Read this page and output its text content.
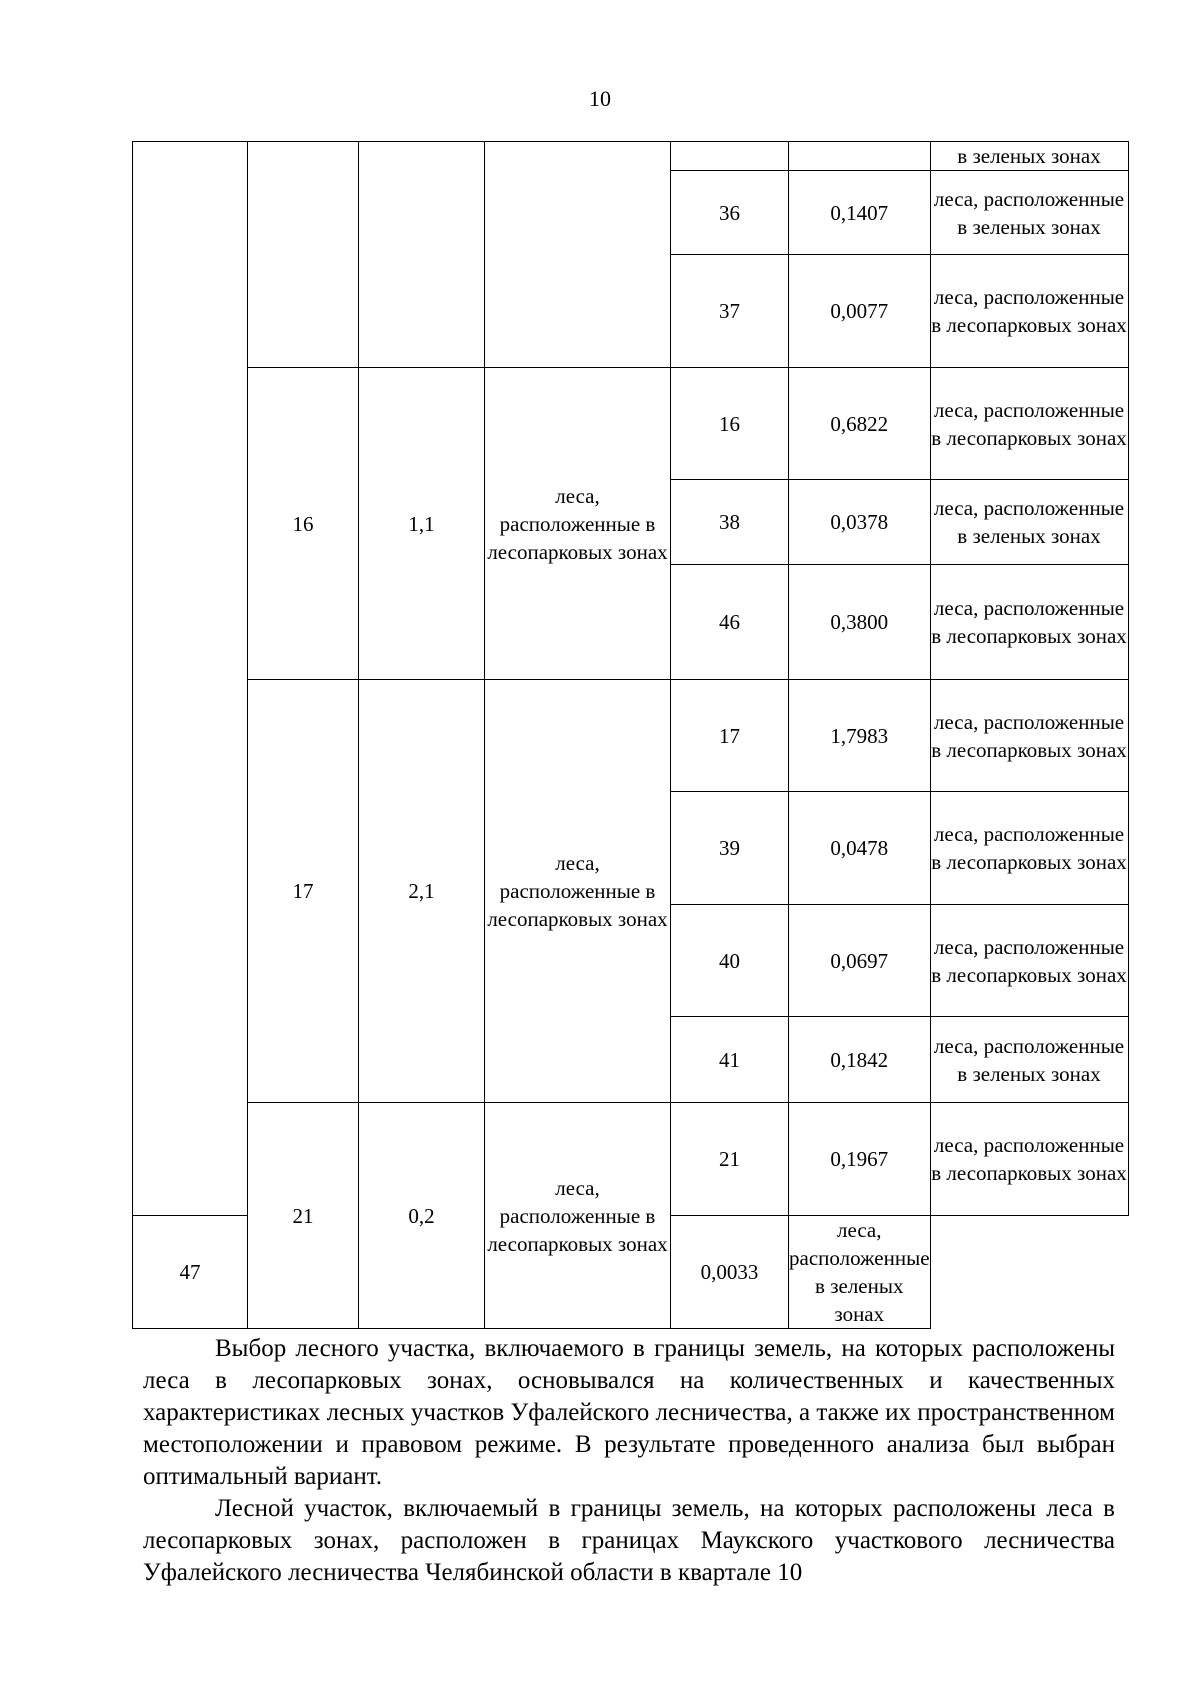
10
						в зеленых зонах
				36	0,1407	леса, расположенные в зеленых зонах
				37	0,0077	леса, расположенные в лесопарковых зонах
	16	1,1	леса, расположенные в лесопарковых зонах	16	0,6822	леса, расположенные в лесопарковых зонах
				38	0,0378	леса, расположенные в зеленых зонах
				46	0,3800	леса, расположенные в лесопарковых зонах
	17	2,1	леса, расположенные в лесопарковых зонах	17	1,7983	леса, расположенные в лесопарковых зонах
				39	0,0478	леса, расположенные в лесопарковых зонах
				40	0,0697	леса, расположенные в лесопарковых зонах
				41	0,1842	леса, расположенные в зеленых зонах
	21	0,2	леса, расположенные в лесопарковых зонах	21	0,1967	леса, расположенные в лесопарковых зонах
47				0,0033	леса, расположенные в зеленых зонах	

Выбор лесного участка, включаемого в границы земель, на которых расположены леса в лесопарковых зонах, основывался на количественных и качественных характеристиках лесных участков Уфалейского лесничества, а также их пространственном местоположении и правовом режиме. В результате проведенного анализа был выбран оптимальный вариант.

Лесной участок, включаемый в границы земель, на которых расположены леса в лесопарковых зонах, расположен в границах Маукского участкового лесничества Уфалейского лесничества Челябинской области в квартале 10
